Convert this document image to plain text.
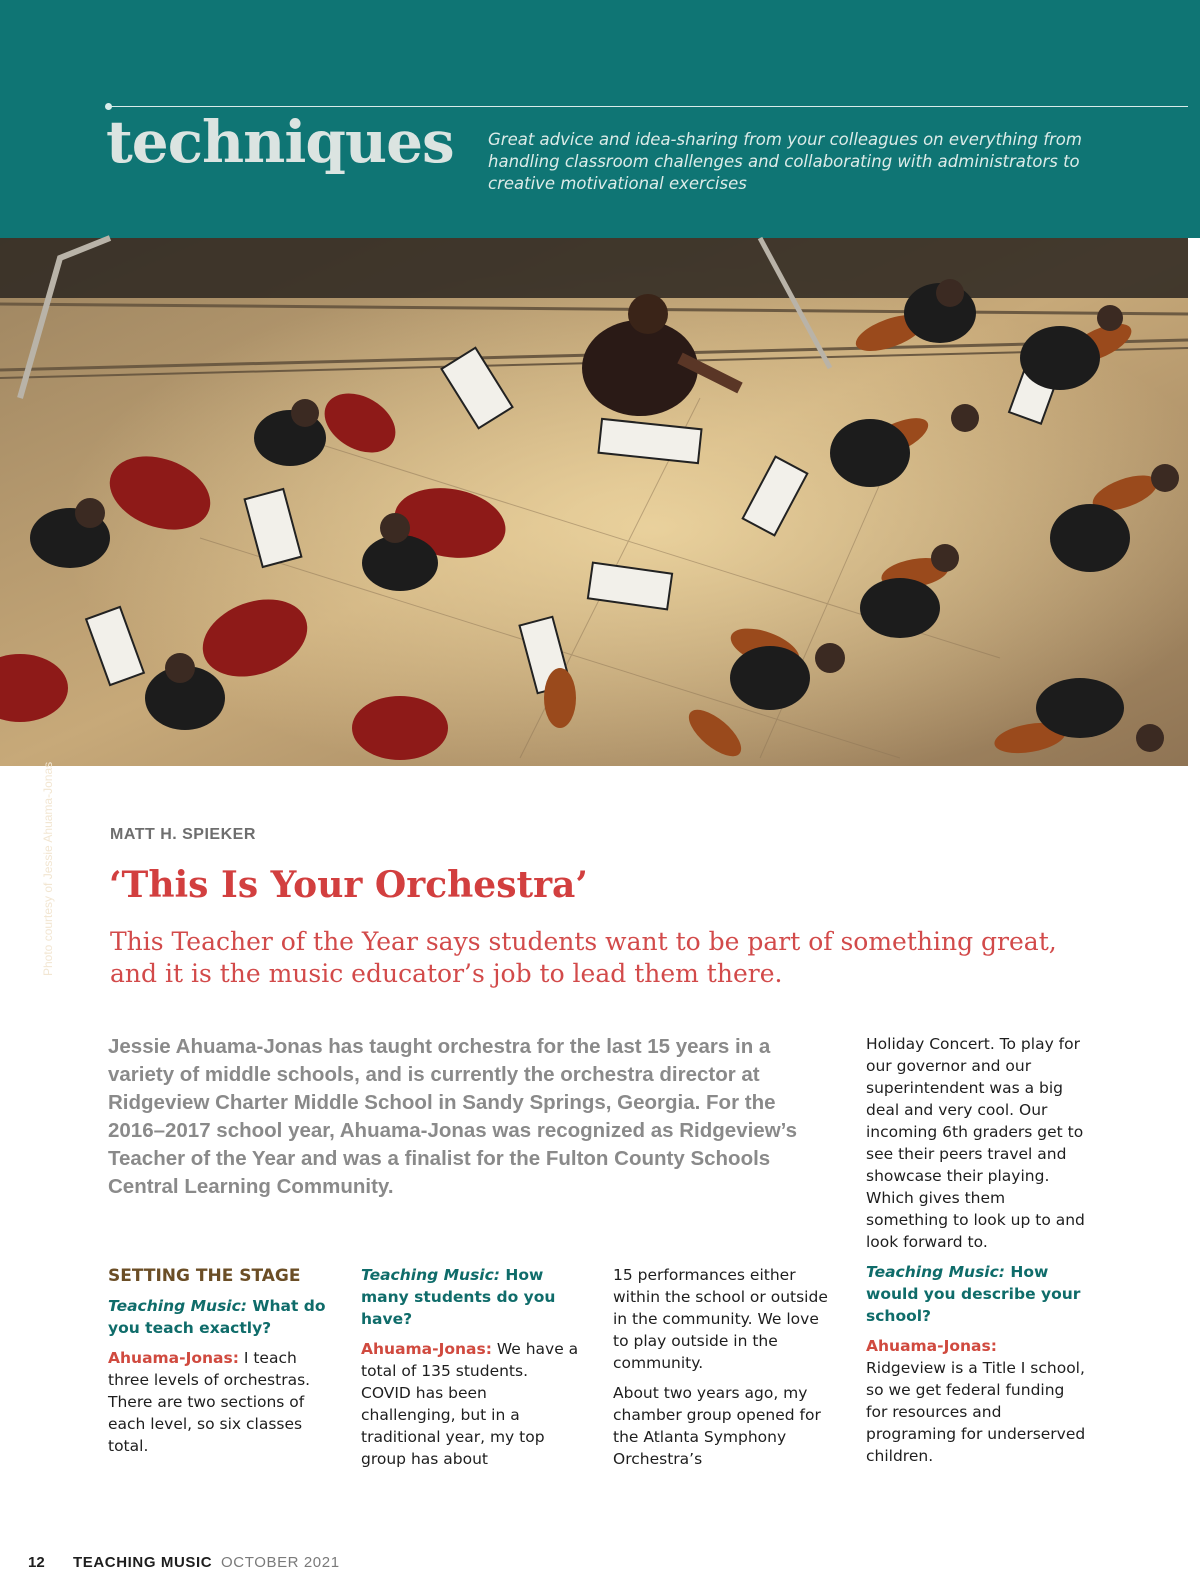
techniques Great advice and idea-sharing from your colleagues on everything from handling classroom challenges and collaborating with administrators to creative motivational exercises
Photo courtesy of Jessie Ahuama-Jonas	MATT H. SPIEKER
‘This Is Your Orchestra’
This Teacher of the Year says students want to be part of something great, and it is the music educator’s job to lead them there.
Jessie Ahuama-Jonas has taught orchestra for the last 15 years in a variety of middle schools, and is currently the orchestra director at Ridgeview Charter Middle School in Sandy Springs, Georgia. For the 2016–2017 school year, Ahuama-Jonas was recognized as Ridgeview’s Teacher of the Year and was a finalist for the Fulton County Schools Central Learning Community.

SETTING THE STAGE

Teaching Music: What do you teach exactly?

Ahuama-Jonas: I teach three levels of orchestras. There are two sections of each level, so six classes total.

Teaching Music: How many students do you have?

Ahuama-Jonas: We have a total of 135 students. COVID has been challenging, but in a traditional year, my top group has about

15 performances either within the school or outside in the community. We love to play outside in the community.

About two years ago, my chamber group opened for the Atlanta Symphony Orchestra’s

Holiday Concert. To play for our governor and our superintendent was a big deal and very cool. Our incoming 6th graders get to see their peers travel and showcase their playing. Which gives them something to look up to and look forward to.

Teaching Music: How would you describe your school?

Ahuama-Jonas:
Ridgeview is a Title I school, so we get federal funding for resources and programing for underserved children.

12 TEACHING MUSIC OCTOBER 2021
